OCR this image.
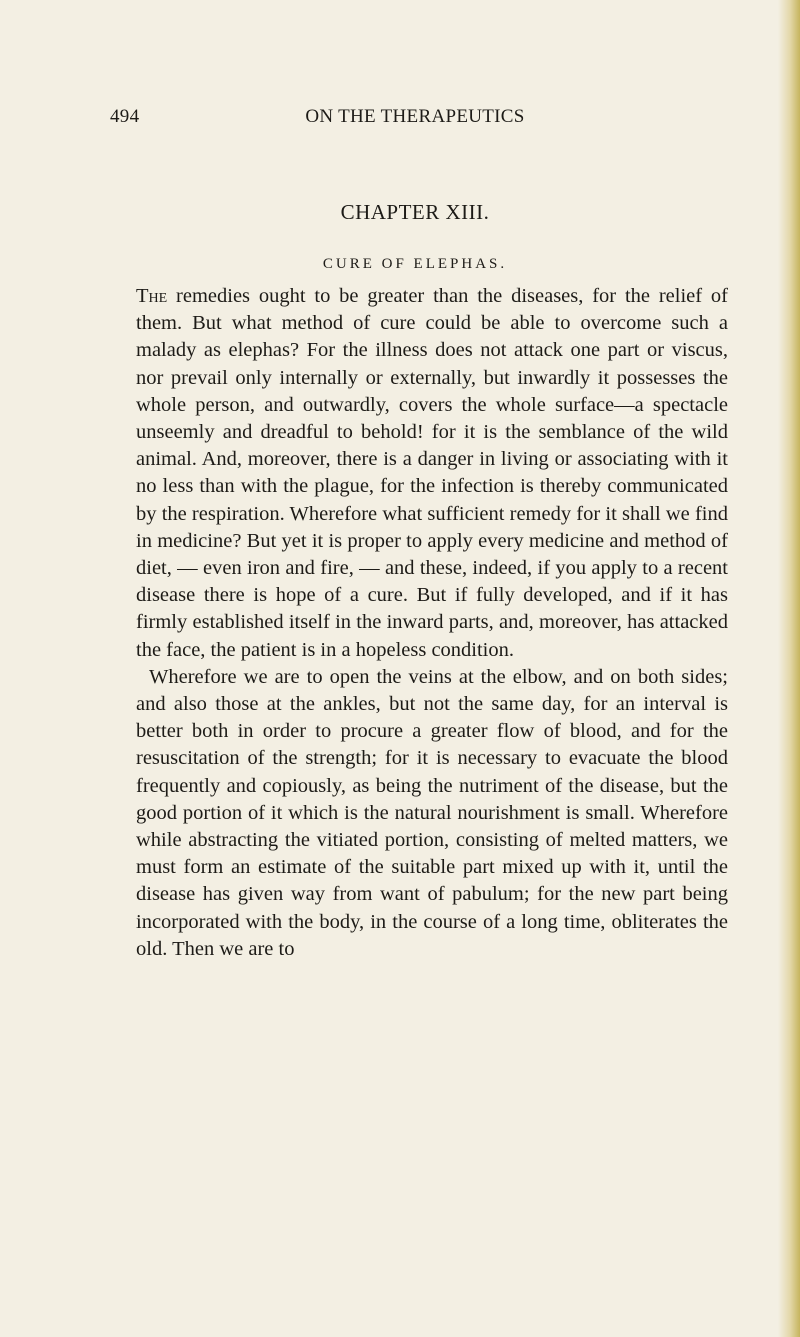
494	ON THE THERAPEUTICS
CHAPTER XIII.
CURE OF ELEPHAS.

The remedies ought to be greater than the diseases, for the relief of them. But what method of cure could be able to overcome such a malady as elephas? For the illness does not attack one part or viscus, nor prevail only internally or externally, but inwardly it possesses the whole person, and outwardly, covers the whole surface—a spectacle unseemly and dreadful to behold! for it is the semblance of the wild animal. And, moreover, there is a danger in living or associating with it no less than with the plague, for the infection is thereby communicated by the respiration. Wherefore what sufficient remedy for it shall we find in medicine? But yet it is proper to apply every medicine and method of diet, — even iron and fire, — and these, indeed, if you apply to a recent disease there is hope of a cure. But if fully developed, and if it has firmly established itself in the inward parts, and, moreover, has attacked the face, the patient is in a hopeless condition.

Wherefore we are to open the veins at the elbow, and on both sides; and also those at the ankles, but not the same day, for an interval is better both in order to procure a greater flow of blood, and for the resuscitation of the strength; for it is necessary to evacuate the blood frequently and copiously, as being the nutriment of the disease, but the good portion of it which is the natural nourishment is small. Wherefore while abstracting the vitiated portion, consisting of melted matters, we must form an estimate of the suitable part mixed up with it, until the disease has given way from want of pabulum; for the new part being incorporated with the body, in the course of a long time, obliterates the old. Then we are to
